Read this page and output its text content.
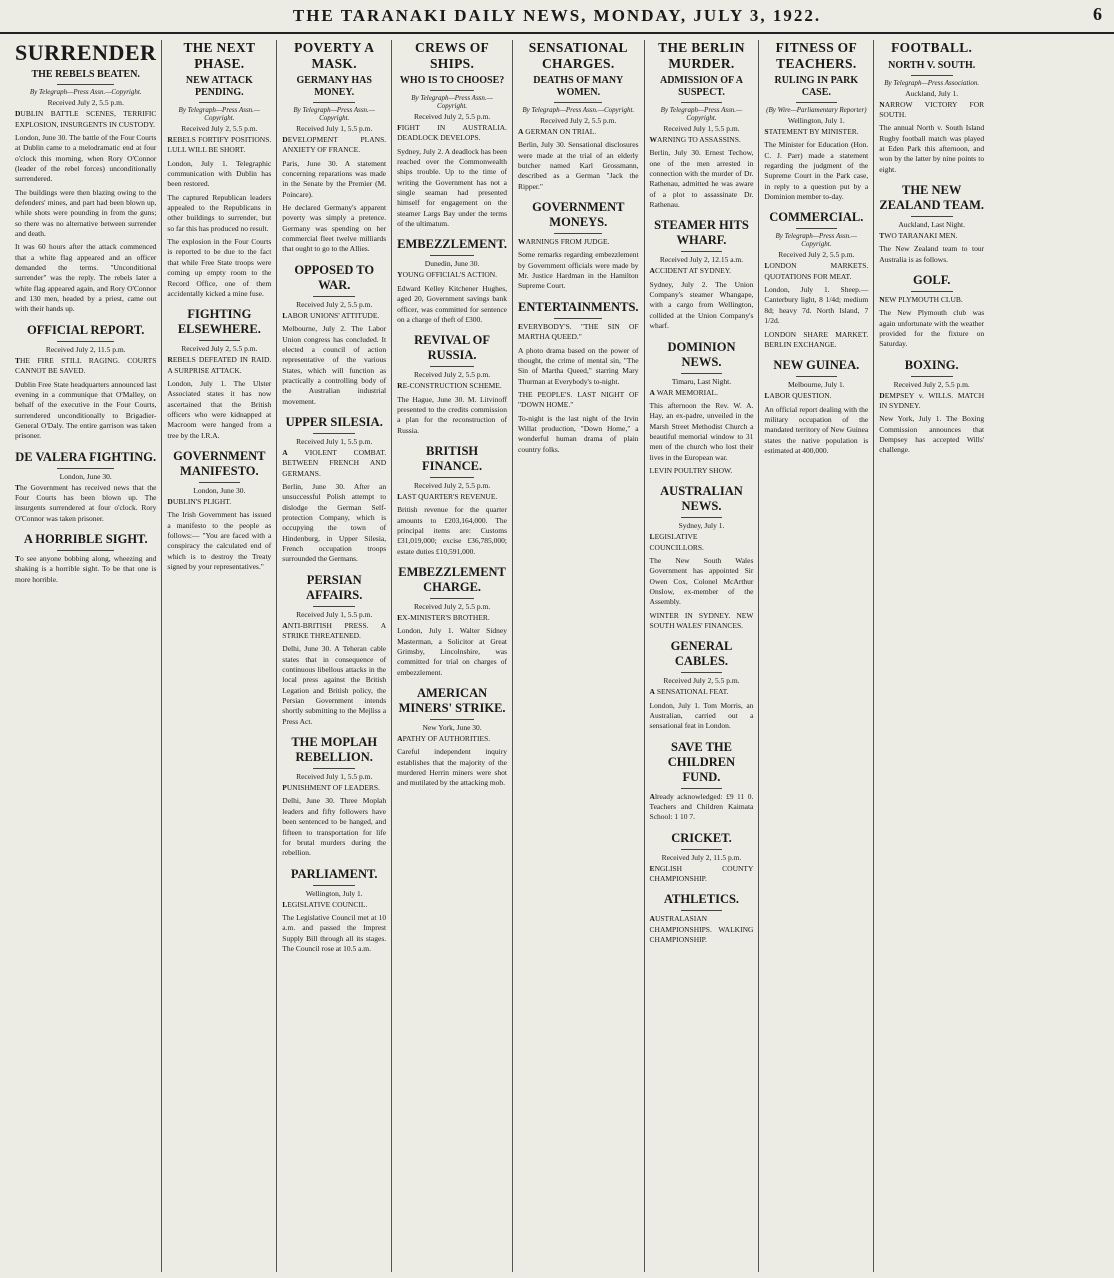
THE TARANAKI DAILY NEWS, MONDAY, JULY 3, 1922.	6
SURRENDER
THE REBELS BEATEN.
By Telegraph—Press Assn.—Copyright.
Received July 2, 5.5 p.m.

DUBLIN BATTLE SCENES, TERRIFIC EXPLOSION, INSURGENTS IN CUSTODY.

London, June 30. The battle of the Four Courts at Dublin came to a melodramatic end at four o'clock this morning, when Rory O'Connor (leader of the rebel forces) unconditionally surrendered.

The buildings were then blazing owing to the defenders' mines, and part had been blown up, while shots were pounding in from the guns; so there was no alternative between surrender and death.

It was 60 hours after the attack commenced that a white flag appeared and an officer demanded the terms. "Unconditional surrender" was the reply. The rebels later a white flag appeared again, and Rory O'Connor and 130 men, headed by a priest, came out with their hands up.

OFFICIAL REPORT.
Received July 2, 11.5 p.m.

THE FIRE STILL RAGING. COURTS CANNOT BE SAVED.

Dublin Free State headquarters announced last evening in a communique that O'Malley, on behalf of the executive in the Four Courts, surrendered unconditionally to Brigadier-General O'Daly. The entire garrison was taken prisoner.

DE VALERA FIGHTING.
London, June 30.

The Government has received news that the Four Courts has been blown up. The insurgents surrendered at four o'clock. Rory O'Connor was taken prisoner.

A HORRIBLE SIGHT.

To see anyone bobbing along, wheezing and shaking is a horrible sight. To be that one is more horrible.

THE NEXT PHASE.
NEW ATTACK PENDING.
By Telegraph—Press Assn.—Copyright.
Received July 2, 5.5 p.m.

REBELS FORTIFY POSITIONS. LULL WILL BE SHORT.

London, July 1. Telegraphic communication with Dublin has been restored.

The captured Republican leaders appealed to the Republicans in other buildings to surrender, but so far this has produced no result.

The explosion in the Four Courts is reported to be due to the fact that while Free State troops were coming up empty room to the Record Office, one of them accidentally kicked a mine fuse.

FIGHTING ELSEWHERE.
Received July 2, 5.5 p.m.

REBELS DEFEATED IN RAID. A SURPRISE ATTACK.

London, July 1. The Ulster Associated states it has now ascertained that the British officers who were kidnapped at Macroom were hanged from a tree by the I.R.A.

GOVERNMENT MANIFESTO.
London, June 30.

DUBLIN'S PLIGHT.

The Irish Government has issued a manifesto to the people as follows:— "You are faced with a conspiracy the calculated end of which is to destroy the Treaty signed by your representatives."

POVERTY A MASK.
GERMANY HAS MONEY.
By Telegraph—Press Assn.—Copyright.
Received July 1, 5.5 p.m.

DEVELOPMENT PLANS. ANXIETY OF FRANCE.

Paris, June 30. A statement concerning reparations was made in the Senate by the Premier (M. Poincare).

He declared Germany's apparent poverty was simply a pretence. Germany was spending on her commercial fleet twelve milliards that ought to go to the Allies.

OPPOSED TO WAR.
Received July 2, 5.5 p.m.

LABOR UNIONS' ATTITUDE.

Melbourne, July 2. The Labor Union congress has concluded. It elected a council of action representative of the various States, which will function as practically a controlling body of the Australian industrial movement.

UPPER SILESIA.
Received July 1, 5.5 p.m.

A VIOLENT COMBAT. BETWEEN FRENCH AND GERMANS.

Berlin, June 30. After an unsuccessful Polish attempt to dislodge the German Self-protection Company, which is occupying the town of Hindenburg, in Upper Silesia, French occupation troops surrounded the Germans.

PERSIAN AFFAIRS.
Received July 1, 5.5 p.m.

ANTI-BRITISH PRESS. A STRIKE THREATENED.

Delhi, June 30. A Teheran cable states that in consequence of continuous libellous attacks in the local press against the British Legation and British policy, the Persian Government intends shortly submitting to the Mejliss a Press Act.

THE MOPLAH REBELLION.
Received July 1, 5.5 p.m.

PUNISHMENT OF LEADERS.

Delhi, June 30. Three Moplah leaders and fifty followers have been sentenced to be hanged, and fifteen to transportation for life for brutal murders during the rebellion.

PARLIAMENT.
Wellington, July 1.

LEGISLATIVE COUNCIL.

The Legislative Council met at 10 a.m. and passed the Imprest Supply Bill through all its stages. The Council rose at 10.5 a.m.

CREWS OF SHIPS.
WHO IS TO CHOOSE?
By Telegraph—Press Assn.—Copyright.
Received July 2, 5.5 p.m.

FIGHT IN AUSTRALIA. DEADLOCK DEVELOPS.

Sydney, July 2. A deadlock has been reached over the Commonwealth ships trouble. Up to the time of writing the Government has not a single seaman had presented himself for engagement on the steamer Largs Bay under the terms of the ultimatum.

EMBEZZLEMENT.
Dunedin, June 30.

YOUNG OFFICIAL'S ACTION.

Edward Kelley Kitchener Hughes, aged 20, Government savings bank officer, was committed for sentence on a charge of theft of £300.

REVIVAL OF RUSSIA.
Received July 2, 5.5 p.m.

RE-CONSTRUCTION SCHEME.

The Hague, June 30. M. Litvinoff presented to the credits commission a plan for the reconstruction of Russia.

BRITISH FINANCE.
Received July 2, 5.5 p.m.

LAST QUARTER'S REVENUE.

British revenue for the quarter amounts to £203,164,000. The principal items are: Customs £31,019,000; excise £36,785,000; estate duties £10,591,000.

EMBEZZLEMENT CHARGE.
Received July 2, 5.5 p.m.

EX-MINISTER'S BROTHER.

London, July 1. Walter Sidney Masterman, a Solicitor at Great Grimsby, Lincolnshire, was committed for trial on charges of embezzlement.

AMERICAN MINERS' STRIKE.
New York, June 30.

APATHY OF AUTHORITIES.

Careful independent inquiry establishes that the majority of the murdered Herrin miners were shot and mutilated by the attacking mob.

SENSATIONAL CHARGES.
DEATHS OF MANY WOMEN.
By Telegraph—Press Assn.—Copyright.
Received July 2, 5.5 p.m.

A GERMAN ON TRIAL.

Berlin, July 30. Sensational disclosures were made at the trial of an elderly butcher named Karl Grossmann, described as a German "Jack the Ripper."

GOVERNMENT MONEYS.

WARNINGS FROM JUDGE.

Some remarks regarding embezzlement by Government officials were made by Mr. Justice Hardman in the Hamilton Supreme Court.

ENTERTAINMENTS.

EVERYBODY'S. "THE SIN OF MARTHA QUEED."

A photo drama based on the power of thought, the crime of mental sin, "The Sin of Martha Queed," starring Mary Thurman at Everybody's to-night.

THE PEOPLE'S. LAST NIGHT OF "DOWN HOME."

To-night is the last night of the Irvin Willat production, "Down Home," a wonderful human drama of plain country folks.

THE BERLIN MURDER.
ADMISSION OF A SUSPECT.
By Telegraph—Press Assn.—Copyright.
Received July 1, 5.5 p.m.

WARNING TO ASSASSINS.

Berlin, July 30. Ernest Techow, one of the men arrested in connection with the murder of Dr. Rathenau, admitted he was aware of a plot to assassinate Dr. Rathenau.

STEAMER HITS WHARF.
Received July 2, 12.15 a.m.

ACCIDENT AT SYDNEY.

Sydney, July 2. The Union Company's steamer Whangape, with a cargo from Wellington, collided at the Union Company's wharf.

DOMINION NEWS.
Timaru, Last Night.

A WAR MEMORIAL.

This afternoon the Rev. W. A. Hay, an ex-padre, unveiled in the Marsh Street Methodist Church a beautiful memorial window to 31 men of the church who lost their lives in the European war.

LEVIN POULTRY SHOW.

AUSTRALIAN NEWS.
Sydney, July 1.

LEGISLATIVE COUNCILLORS.

The New South Wales Government has appointed Sir Owen Cox, Colonel McArthur Onslow, ex-member of the Assembly.

WINTER IN SYDNEY. NEW SOUTH WALES' FINANCES.

GENERAL CABLES.
Received July 2, 5.5 p.m.

A SENSATIONAL FEAT.

London, July 1. Tom Morris, an Australian, carried out a sensational feat in London.

SAVE THE CHILDREN FUND.

Already acknowledged: £9 11 0. Teachers and Children Kaimata School: 1 10 7.

CRICKET.
Received July 2, 11.5 p.m.

ENGLISH COUNTY CHAMPIONSHIP.

ATHLETICS.

AUSTRALASIAN CHAMPIONSHIPS. WALKING CHAMPIONSHIP.

FITNESS OF TEACHERS.
RULING IN PARK CASE.
(By Wire—Parliamentary Reporter)
Wellington, July 1.

STATEMENT BY MINISTER.

The Minister for Education (Hon. C. J. Parr) made a statement regarding the judgment of the Supreme Court in the Park case, in reply to a question put by a Dominion member to-day.

COMMERCIAL.
By Telegraph—Press Assn.—Copyright.
Received July 2, 5.5 p.m.

LONDON MARKETS. QUOTATIONS FOR MEAT.

London, July 1. Sheep.—Canterbury light, 8 1/4d; medium 8d; heavy 7d. North Island, 7 1/2d.

LONDON SHARE MARKET. BERLIN EXCHANGE.

NEW GUINEA.
Melbourne, July 1.

LABOR QUESTION.

An official report dealing with the military occupation of the mandated territory of New Guinea states the native population is estimated at 400,000.

FOOTBALL.
NORTH V. SOUTH.
By Telegraph—Press Association.
Auckland, July 1.

NARROW VICTORY FOR SOUTH.

The annual North v. South Island Rugby football match was played at Eden Park this afternoon, and won by the latter by nine points to eight.

THE NEW ZEALAND TEAM.
Auckland, Last Night.

TWO TARANAKI MEN.

The New Zealand team to tour Australia is as follows.

GOLF.

NEW PLYMOUTH CLUB.

The New Plymouth club was again unfortunate with the weather provided for the fixture on Saturday.

BOXING.
Received July 2, 5.5 p.m.

DEMPSEY v. WILLS. MATCH IN SYDNEY.

New York, July 1. The Boxing Commission announces that Dempsey has accepted Wills' challenge.
